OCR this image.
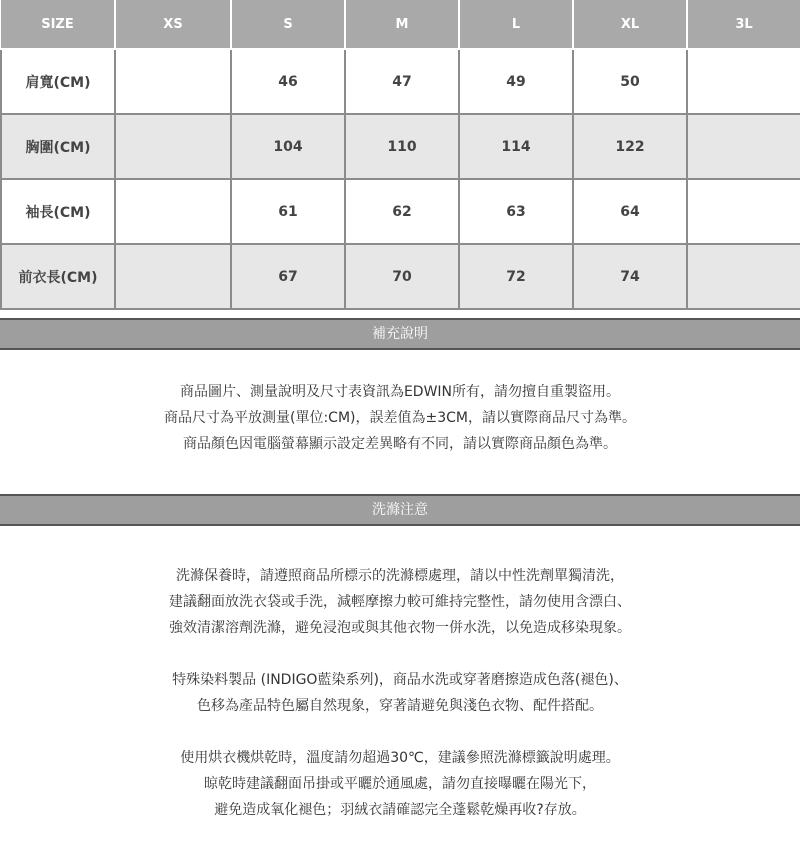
SIZE	XS	S	M	L	XL	3L
肩寬(CM)		46	47	49	50	
胸圍(CM)		104	110	114	122	
袖長(CM)		61	62	63	64	
前衣長(CM)		67	70	72	74	
補充說明

商品圖片、測量說明及尺寸表資訊為EDWIN所有，請勿擅自重製盜用。

商品尺寸為平放測量(單位:CM)，誤差值為±3CM，請以實際商品尺寸為準。

商品顏色因電腦螢幕顯示設定差異略有不同，請以實際商品顏色為準。

洗滌注意

洗滌保養時，請遵照商品所標示的洗滌標處理，請以中性洗劑單獨清洗，

建議翻面放洗衣袋或手洗，減輕摩擦力較可維持完整性，請勿使用含漂白、

強效清潔溶劑洗滌，避免浸泡或與其他衣物一併水洗，以免造成移染現象。

特殊染料製品 (INDIGO藍染系列)，商品水洗或穿著磨擦造成色落(褪色)、

色移為產品特色屬自然現象，穿著請避免與淺色衣物、配件搭配。

使用烘衣機烘乾時，溫度請勿超過30℃，建議參照洗滌標籤說明處理。

晾乾時建議翻面吊掛或平曬於通風處，請勿直接曝曬在陽光下，

避免造成氧化褪色；羽絨衣請確認完全蓬鬆乾燥再收?存放。
